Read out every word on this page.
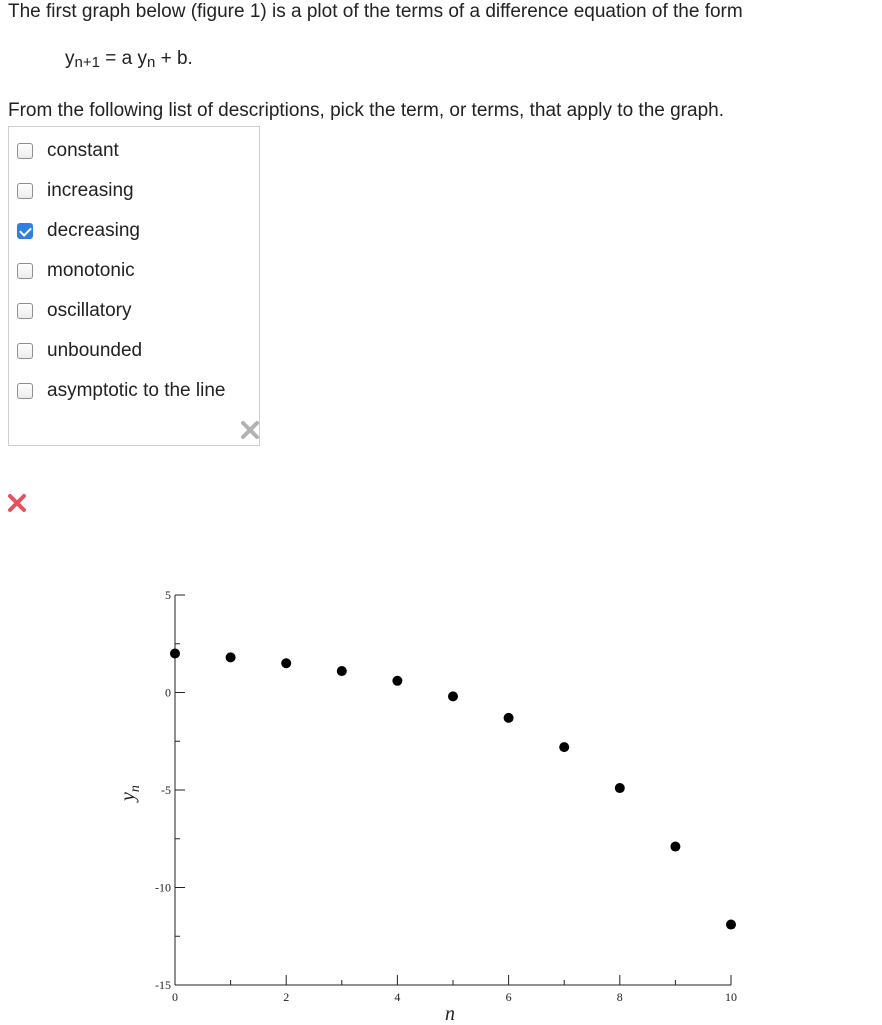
The first graph below (figure 1) is a plot of the terms of a difference equation of the form
yn+1 = a yn + b.
From the following list of descriptions, pick the term, or terms, that apply to the graph.
constant
increasing
decreasing
monotonic
oscillatory
unbounded
asymptotic to the line
5
0
-5
-10
-15
0	2	4	6	8	10
n
$y_n$
